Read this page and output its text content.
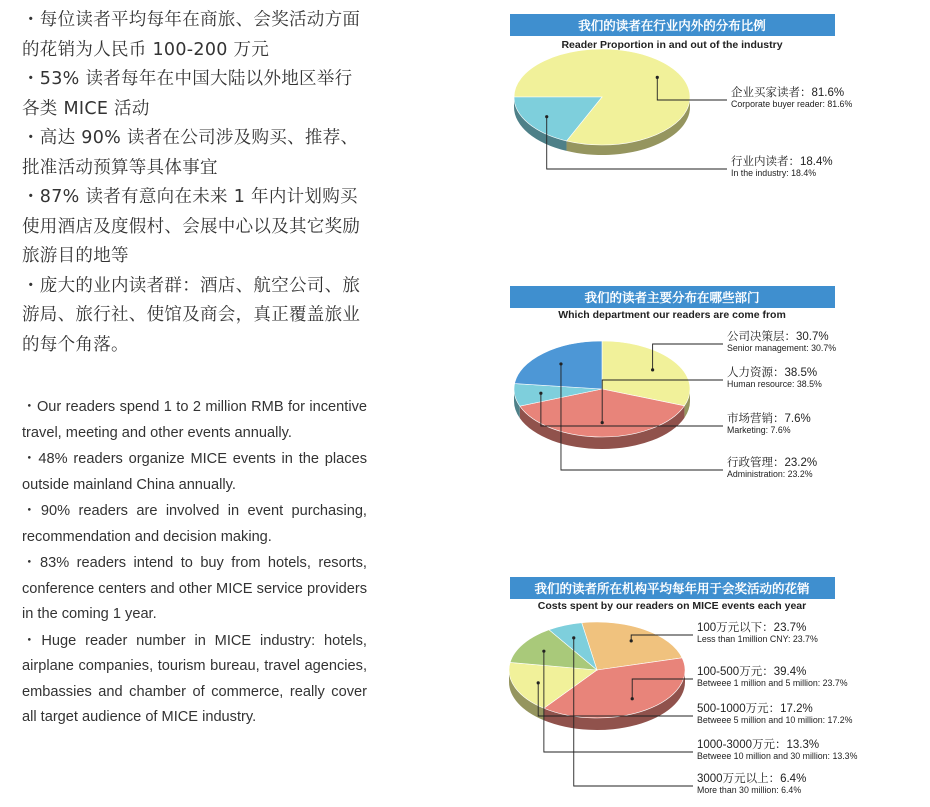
・每位读者平均每年在商旅、会奖活动方面的花销为人民币 100-200 万元

・53% 读者每年在中国大陆以外地区举行各类 MICE 活动

・高达 90% 读者在公司涉及购买、推荐、批准活动预算等具体事宜

・87% 读者有意向在未来 1 年内计划购买使用酒店及度假村、会展中心以及其它奖励旅游目的地等

・庞大的业内读者群：酒店、航空公司、旅游局、旅行社、使馆及商会，真正覆盖旅业的每个角落。

・Our readers spend 1 to 2 million RMB for incentive travel, meeting and other events annually.

・48% readers organize MICE events in the places outside mainland China annually.

・90% readers are involved in event purchasing, recommendation and decision making.

・83% readers intend to buy from hotels, resorts, conference centers and other MICE service providers in the coming 1 year.

・Huge reader number in MICE industry: hotels, airplane companies, tourism bureau, travel agencies, embassies and chamber of commerce, really cover all target audience of MICE industry.

我们的读者在行业内外的分布比例
Reader Proportion in and out of the industry
企业买家读者：81.6%
Corporate buyer reader: 81.6%
行业内读者：18.4%
In the industry: 18.4%
我们的读者主要分布在哪些部门
Which department our readers are come from
公司决策层：30.7%
Senior management: 30.7%
人力资源：38.5%
Human resource: 38.5%
市场营销：7.6%
Marketing: 7.6%
行政管理：23.2%
Administration: 23.2%
我们的读者所在机构平均每年用于会奖活动的花销
Costs spent by our readers on MICE events each year
100万元以下：23.7%
Less than 1million CNY: 23.7%
100-500万元：39.4%
Betweee 1 million and 5 million: 23.7%
500-1000万元：17.2%
Betweee 5 million and 10 million: 17.2%
1000-3000万元：13.3%
Betweee 10 million and 30 million: 13.3%
3000万元以上：6.4%
More than 30 million: 6.4%
